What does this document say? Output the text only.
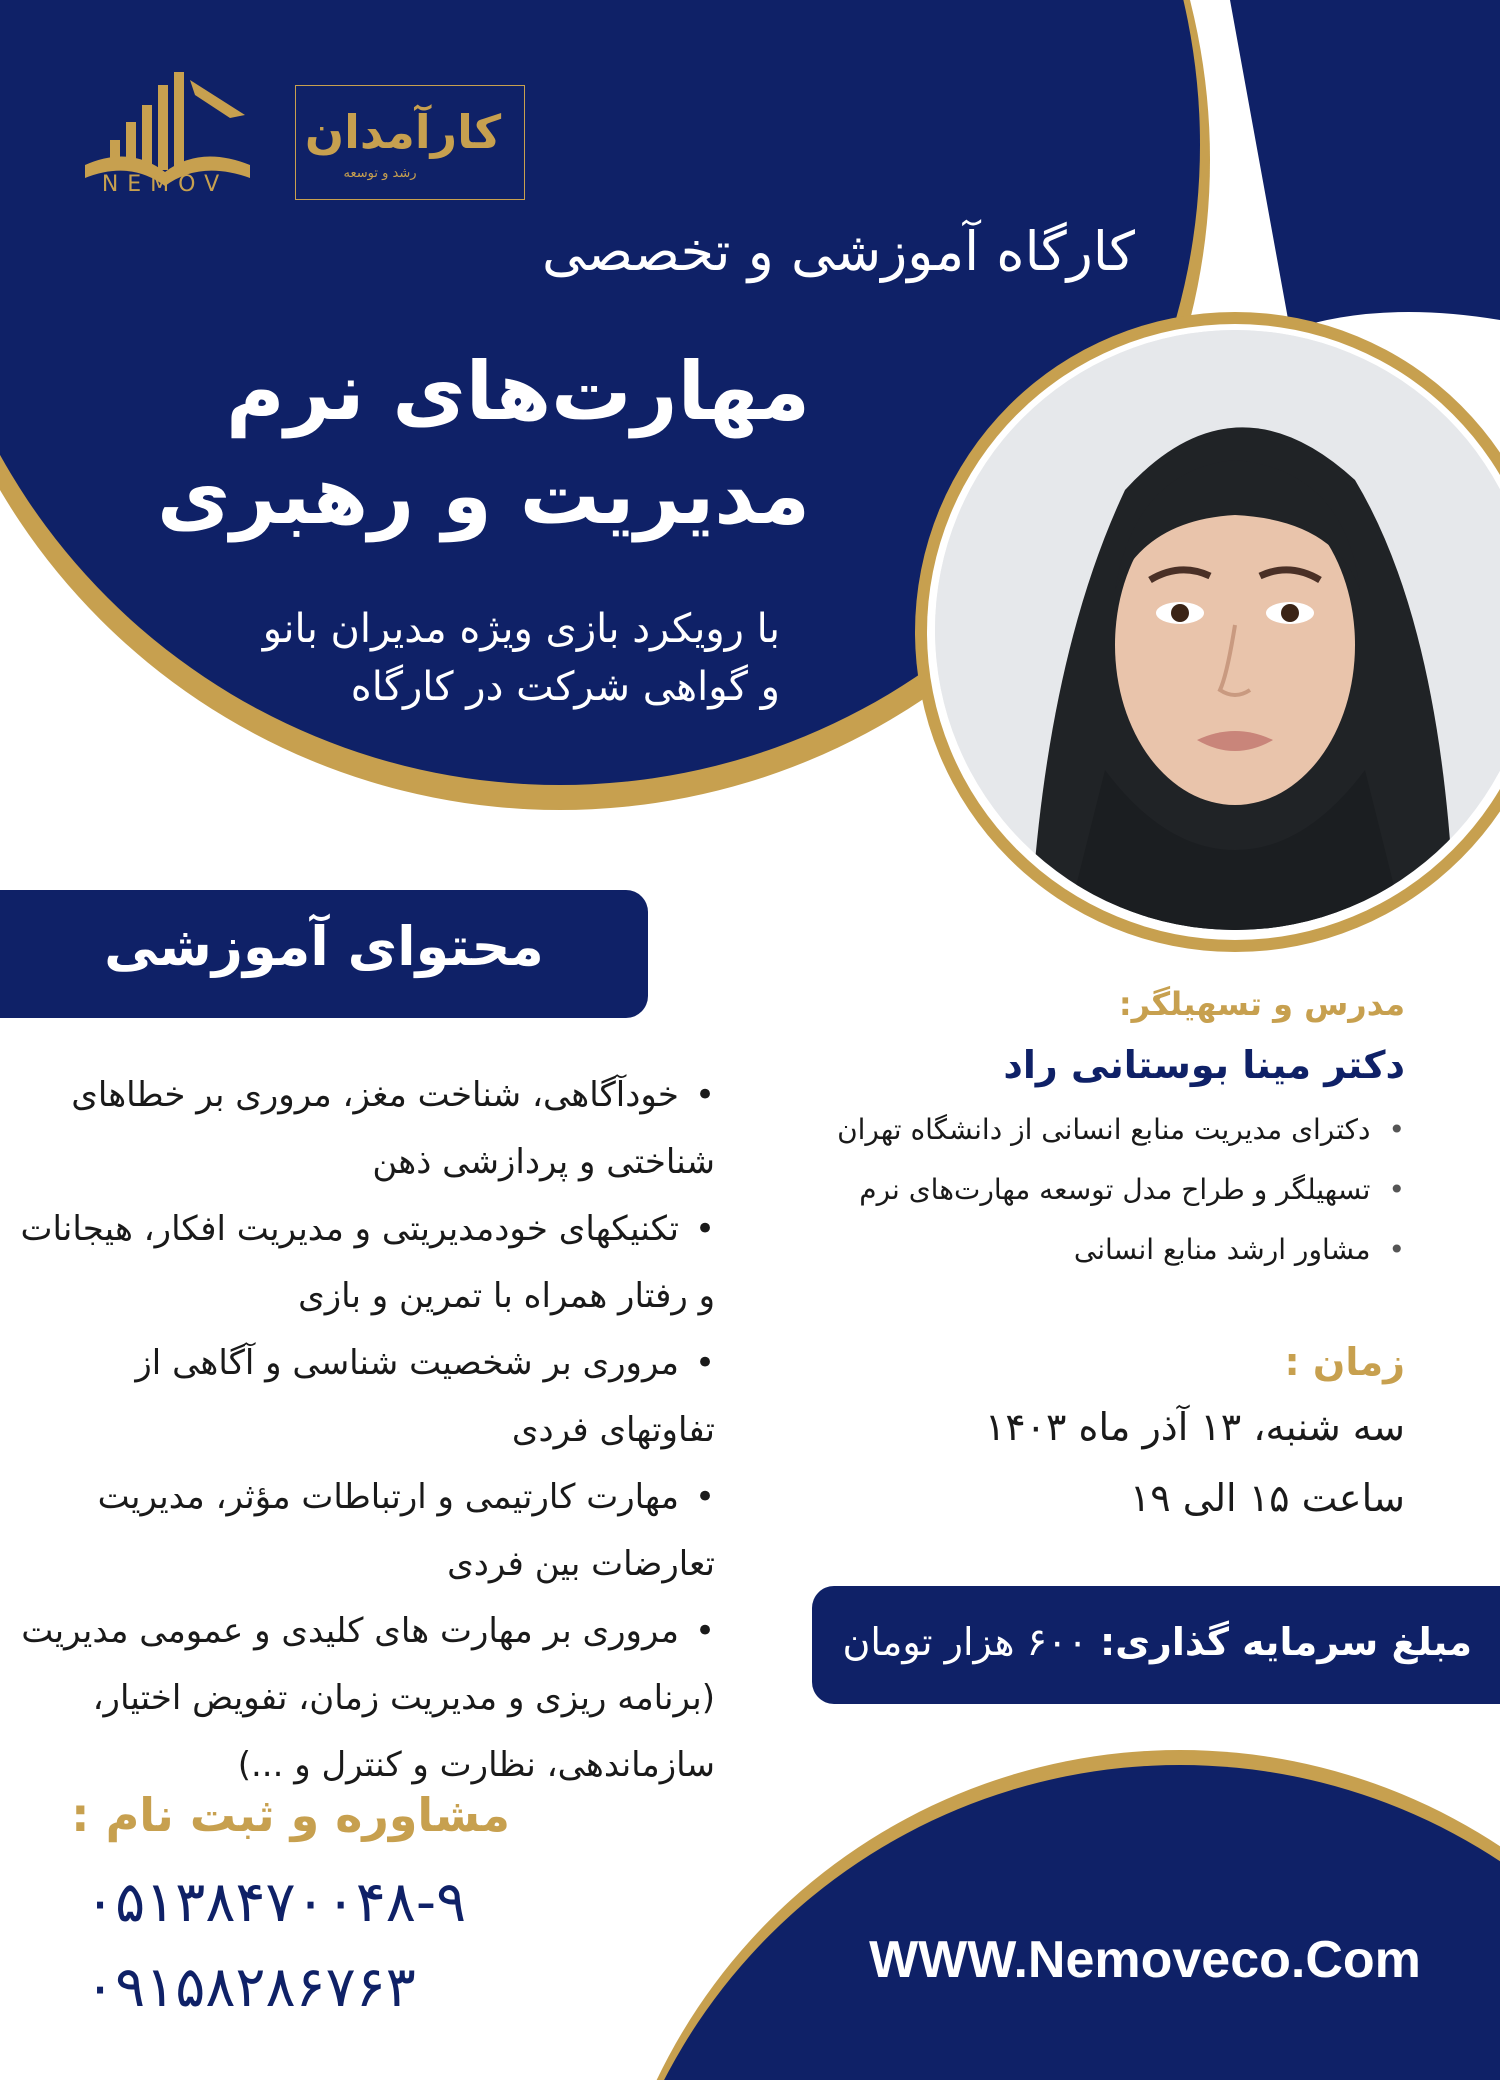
NEMOV
کارآمدان
رشد و توسعه
کارگاه آموزشی و تخصصی
مهارت‌های نرم
مدیریت و رهبری
با رویکرد بازی ویژه مدیران بانو
و گواهی شرکت در کارگاه
محتوای آموزشی
• خودآگاهی، شناخت مغز، مروری بر خطاهای شناختی و پردازشی ذهن
• تکنیکهای خودمدیریتی و مدیریت افکار، هیجانات و رفتار همراه با تمرین و بازی
• مروری بر شخصیت شناسی و آگاهی از تفاوتهای فردی
• مهارت کارتیمی و ارتباطات مؤثر، مدیریت تعارضات بین فردی
• مروری بر مهارت های کلیدی و عمومی مدیریت (برنامه ریزی و مدیریت زمان، تفویض اختیار، سازماندهی، نظارت و کنترل و ...)
مدرس و تسهیلگر:
دکتر مینا بوستانی راد
• دکترای مدیریت منابع انسانی از دانشگاه تهران
• تسهیلگر و طراح مدل توسعه مهارت‌های نرم
• مشاور ارشد منابع انسانی
زمان :
سه شنبه، ۱۳ آذر ماه ۱۴۰۳
ساعت ۱۵ الی ۱۹
مبلغ سرمایه گذاری: ۶۰۰ هزار تومان
مشاوره و ثبت نام :
۰۵۱۳۸۴۷۰۰۴۸-۹
۰۹۱۵۸۲۸۶۷۶۳	WWW.Nemoveco.Com
